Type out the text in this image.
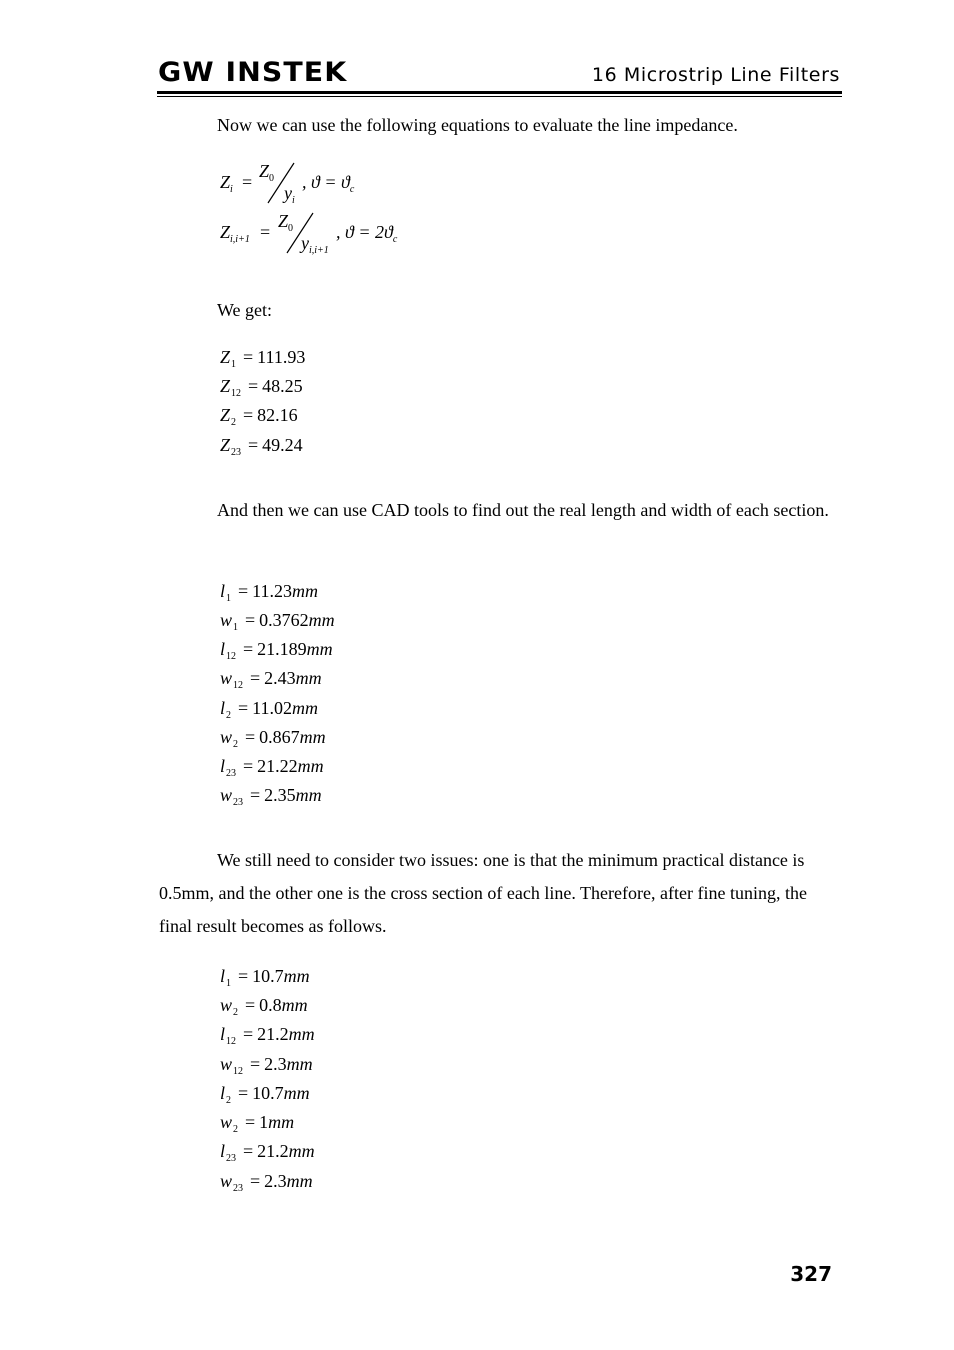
GW INSTEK	16 Microstrip Line Filters
Now we can use the following equations to evaluate the line impedance.
$Z_i$ =
$Z_0$
$y_i$
, $ϑ = ϑ_c$
$Z_{i,i+1}$ =
$Z_0$
$y_{i,i+1}$
, $ϑ = 2ϑ_c$
We get:
$Z_1 = 111.93$
$Z_{12} = 48.25$
$Z_2 = 82.16$
$Z_{23} = 49.24$
And then we can use CAD tools to find out the real length and width of each section.
$l_1 = 11.23mm$
$w_1 = 0.3762mm$
$l_{12} = 21.189mm$
$w_{12} = 2.43mm$
$l_2 = 11.02mm$
$w_2 = 0.867mm$
$l_{23} = 21.22mm$
$w_{23} = 2.35mm$
We still need to consider two issues: one is that the minimum practical distance is 0.5mm, and the other one is the cross section of each line. Therefore, after fine tuning, the final result becomes as follows.
$l_1 = 10.7mm$
$w_2 = 0.8mm$
$l_{12} = 21.2mm$
$w_{12} = 2.3mm$
$l_2 = 10.7mm$
$w_2 = 1mm$
$l_{23} = 21.2mm$
$w_{23} = 2.3mm$
327
